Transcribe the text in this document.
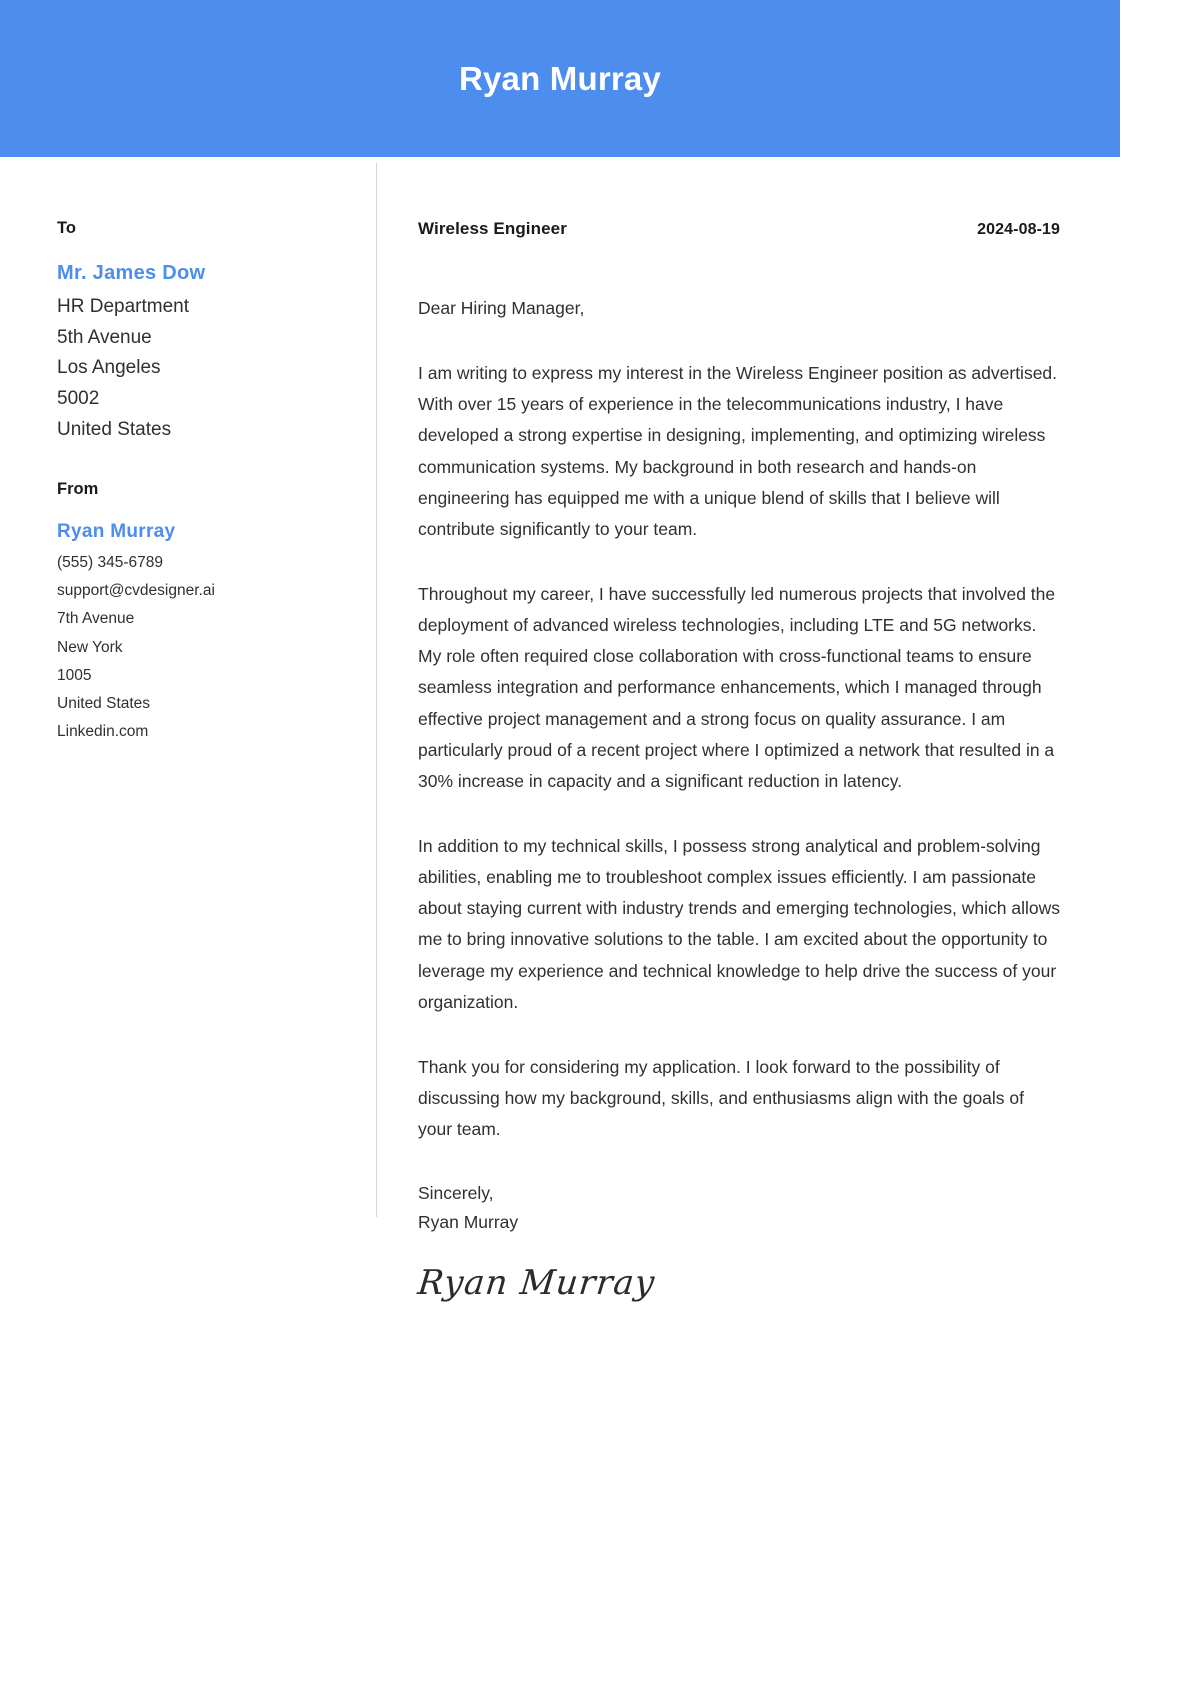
Ryan Murray
To
Mr. James Dow
HR Department
5th Avenue
Los Angeles
5002
United States
From
Ryan Murray
(555) 345-6789
support@cvdesigner.ai
7th Avenue
New York
1005
United States
Linkedin.com
Wireless Engineer	2024-08-19
Dear Hiring Manager,

I am writing to express my interest in the Wireless Engineer position as advertised. With over 15 years of experience in the telecommunications industry, I have developed a strong expertise in designing, implementing, and optimizing wireless communication systems. My background in both research and hands-on engineering has equipped me with a unique blend of skills that I believe will contribute significantly to your team.

Throughout my career, I have successfully led numerous projects that involved the deployment of advanced wireless technologies, including LTE and 5G networks. My role often required close collaboration with cross-functional teams to ensure seamless integration and performance enhancements, which I managed through effective project management and a strong focus on quality assurance. I am particularly proud of a recent project where I optimized a network that resulted in a 30% increase in capacity and a significant reduction in latency.

In addition to my technical skills, I possess strong analytical and problem-solving abilities, enabling me to troubleshoot complex issues efficiently. I am passionate about staying current with industry trends and emerging technologies, which allows me to bring innovative solutions to the table. I am excited about the opportunity to leverage my experience and technical knowledge to help drive the success of your organization.

Thank you for considering my application. I look forward to the possibility of discussing how my background, skills, and enthusiasms align with the goals of your team.

Sincerely,
Ryan Murray
Ryan Murray
